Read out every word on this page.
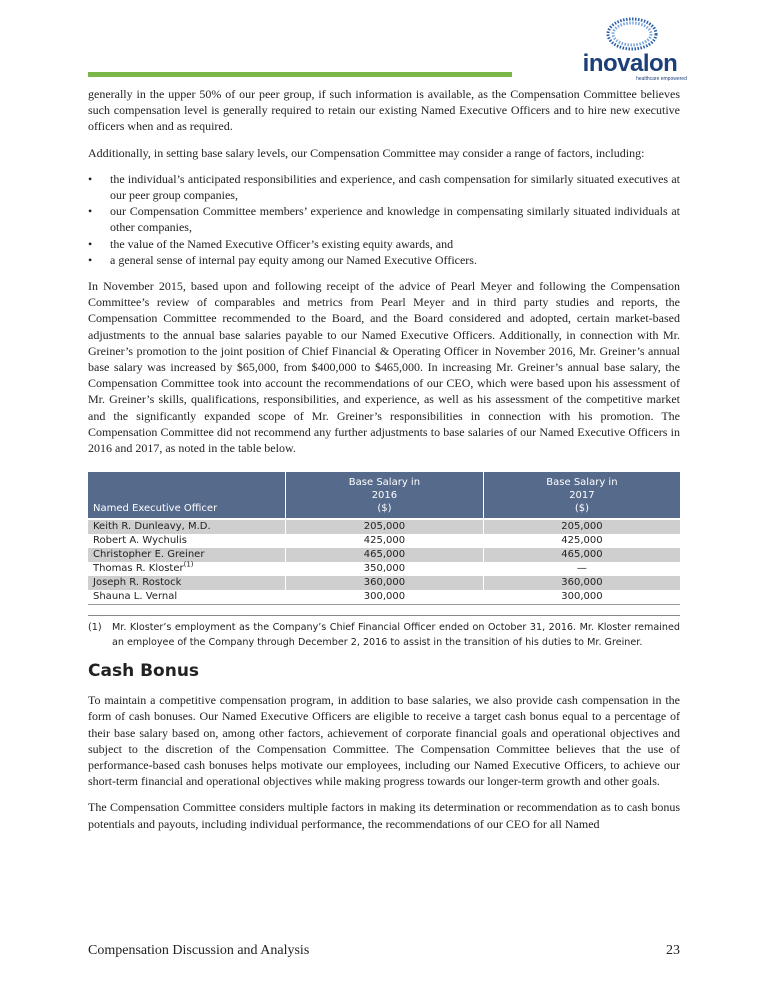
inovalon
healthcare empowered

generally in the upper 50% of our peer group, if such information is available, as the Compensation Committee believes such compensation level is generally required to retain our existing Named Executive Officers and to hire new executive officers when and as required.

Additionally, in setting base salary levels, our Compensation Committee may consider a range of factors, including:

• the individual’s anticipated responsibilities and experience, and cash compensation for similarly situated executives at our peer group companies,
• our Compensation Committee members’ experience and knowledge in compensating similarly situated individuals at other companies,
• the value of the Named Executive Officer’s existing equity awards, and
• a general sense of internal pay equity among our Named Executive Officers.

In November 2015, based upon and following receipt of the advice of Pearl Meyer and following the Compensation Committee’s review of comparables and metrics from Pearl Meyer and in third party studies and reports, the Compensation Committee recommended to the Board, and the Board considered and adopted, certain market-based adjustments to the annual base salaries payable to our Named Executive Officers. Additionally, in connection with Mr. Greiner’s promotion to the joint position of Chief Financial & Operating Officer in November 2016, Mr. Greiner’s annual base salary was increased by $65,000, from $400,000 to $465,000. In increasing Mr. Greiner’s annual base salary, the Compensation Committee took into account the recommendations of our CEO, which were based upon his assessment of Mr. Greiner’s skills, qualifications, responsibilities, and experience, as well as his assessment of the competitive market and the significantly expanded scope of Mr. Greiner’s responsibilities in connection with his promotion. The Compensation Committee did not recommend any further adjustments to base salaries of our Named Executive Officers in 2016 and 2017, as noted in the table below.

Named Executive Officer	Base Salary in
2016
($)	Base Salary in
2017
($)
Keith R. Dunleavy, M.D.	205,000	205,000
Robert A. Wychulis	425,000	425,000
Christopher E. Greiner	465,000	465,000
Thomas R. Kloster$^{(1)}$	350,000	—
Joseph R. Rostock	360,000	360,000
Shauna L. Vernal	300,000	300,000
(1)	Mr. Kloster’s employment as the Company’s Chief Financial Officer ended on October 31, 2016. Mr. Kloster remained an employee of the Company through December 2, 2016 to assist in the transition of his duties to Mr. Greiner.
Cash Bonus

To maintain a competitive compensation program, in addition to base salaries, we also provide cash compensation in the form of cash bonuses. Our Named Executive Officers are eligible to receive a target cash bonus equal to a percentage of their base salary based on, among other factors, achievement of corporate financial goals and operational objectives and subject to the discretion of the Compensation Committee. The Compensation Committee believes that the use of performance-based cash bonuses helps motivate our employees, including our Named Executive Officers, to achieve our short-term financial and operational objectives while making progress towards our longer-term growth and other goals.

The Compensation Committee considers multiple factors in making its determination or recommendation as to cash bonus potentials and payouts, including individual performance, the recommendations of our CEO for all Named

Compensation Discussion and Analysis	23
